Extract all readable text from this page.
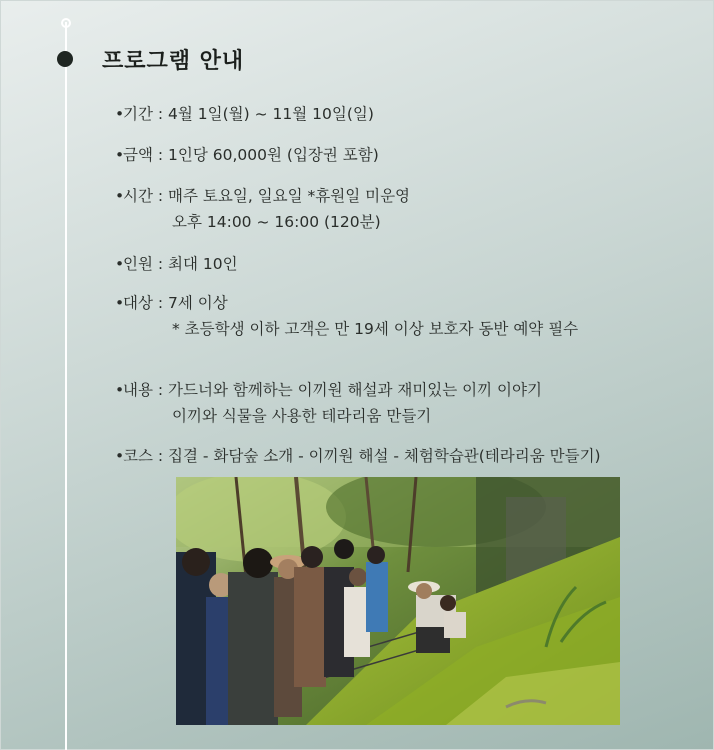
프로그램 안내
•기간 : 4월 1일(월) ~ 11월 10일(일)
•금액 : 1인당 60,000원 (입장권 포함)
•시간 : 매주 토요일, 일요일 *휴원일 미운영
오후 14:00 ~ 16:00 (120분)
•인원 : 최대 10인
•대상 : 7세 이상
* 초등학생 이하 고객은 만 19세 이상 보호자 동반 예약 필수
•내용 : 가드너와 함께하는 이끼원 해설과 재미있는 이끼 이야기
이끼와 식물을 사용한 테라리움 만들기
•코스 : 집결 - 화담숲 소개 - 이끼원 해설 - 체험학습관(테라리움 만들기)
